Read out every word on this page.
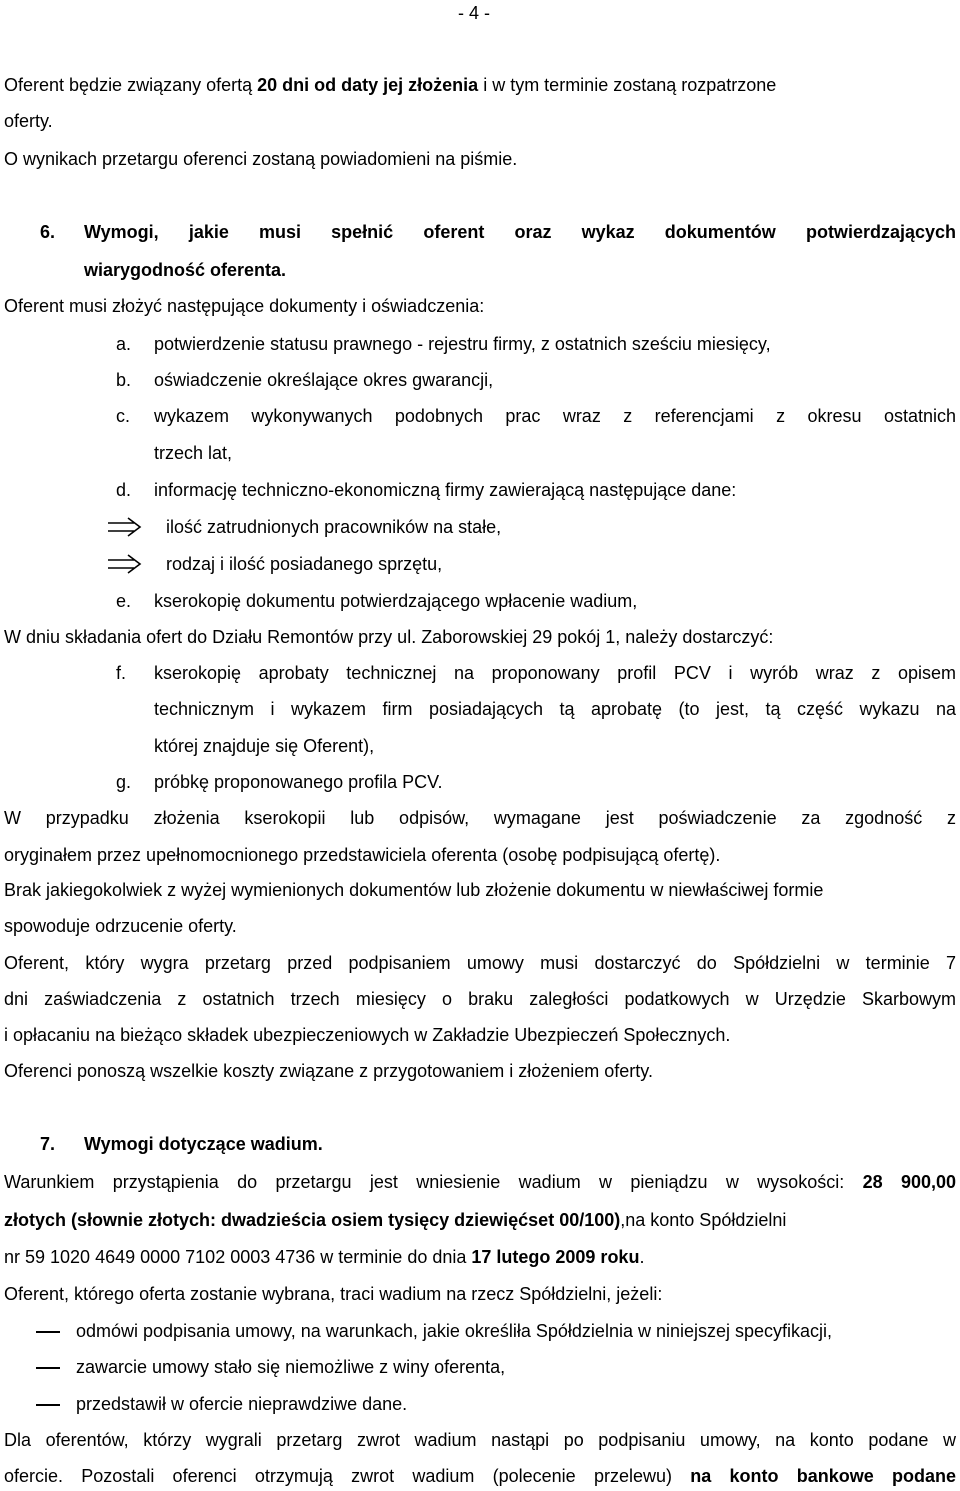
- 4 -
Oferent będzie związany ofertą 20 dni od daty jej złożenia i w tym terminie zostaną rozpatrzone
oferty.
O wynikach przetargu oferenci zostaną powiadomieni na piśmie.
6. Wymogi, jakie musi spełnić oferent oraz wykaz dokumentów potwierdzających
wiarygodność oferenta.
Oferent musi złożyć następujące dokumenty i oświadczenia:
a. potwierdzenie statusu prawnego - rejestru firmy, z ostatnich sześciu miesięcy,
b. oświadczenie określające okres gwarancji,
c. wykazem wykonywanych podobnych prac wraz z referencjami z okresu ostatnich
trzech lat,
d. informację techniczno-ekonomiczną firmy zawierającą następujące dane:
ilość zatrudnionych pracowników na stałe,
rodzaj i ilość posiadanego sprzętu,
e. kserokopię dokumentu potwierdzającego wpłacenie wadium,
W dniu składania ofert do Działu Remontów przy ul. Zaborowskiej 29 pokój 1, należy dostarczyć:
f. kserokopię aprobaty technicznej na proponowany profil PCV i wyrób wraz z opisem
technicznym i wykazem firm posiadających tą aprobatę (to jest, tą część wykazu na
której znajduje się Oferent),
g. próbkę proponowanego profila PCV.
W przypadku złożenia kserokopii lub odpisów, wymagane jest poświadczenie za zgodność z
oryginałem przez upełnomocnionego przedstawiciela oferenta (osobę podpisującą ofertę).
Brak jakiegokolwiek z wyżej wymienionych dokumentów lub złożenie dokumentu w niewłaściwej formie
spowoduje odrzucenie oferty.
Oferent, który wygra przetarg przed podpisaniem umowy musi dostarczyć do Spółdzielni w terminie 7
dni zaświadczenia z ostatnich trzech miesięcy o braku zaległości podatkowych w Urzędzie Skarbowym
i opłacaniu na bieżąco składek ubezpieczeniowych w Zakładzie Ubezpieczeń Społecznych.
Oferenci ponoszą wszelkie koszty związane z przygotowaniem i złożeniem oferty.
7. Wymogi dotyczące wadium.
Warunkiem przystąpienia do przetargu jest wniesienie wadium w pieniądzu w wysokości: 28 900,00
złotych (słownie złotych: dwadzieścia osiem tysięcy dziewięćset 00/100),na konto Spółdzielni
nr 59 1020 4649 0000 7102 0003 4736 w terminie do dnia 17 lutego 2009 roku.
Oferent, którego oferta zostanie wybrana, traci wadium na rzecz Spółdzielni, jeżeli:
odmówi podpisania umowy, na warunkach, jakie określiła Spółdzielnia w niniejszej specyfikacji,
zawarcie umowy stało się niemożliwe z winy oferenta,
przedstawił w ofercie nieprawdziwe dane.
Dla oferentów, którzy wygrali przetarg zwrot wadium nastąpi po podpisaniu umowy, na konto podane w
ofercie. Pozostali oferenci otrzymują zwrot wadium (polecenie przelewu) na konto bankowe podane
